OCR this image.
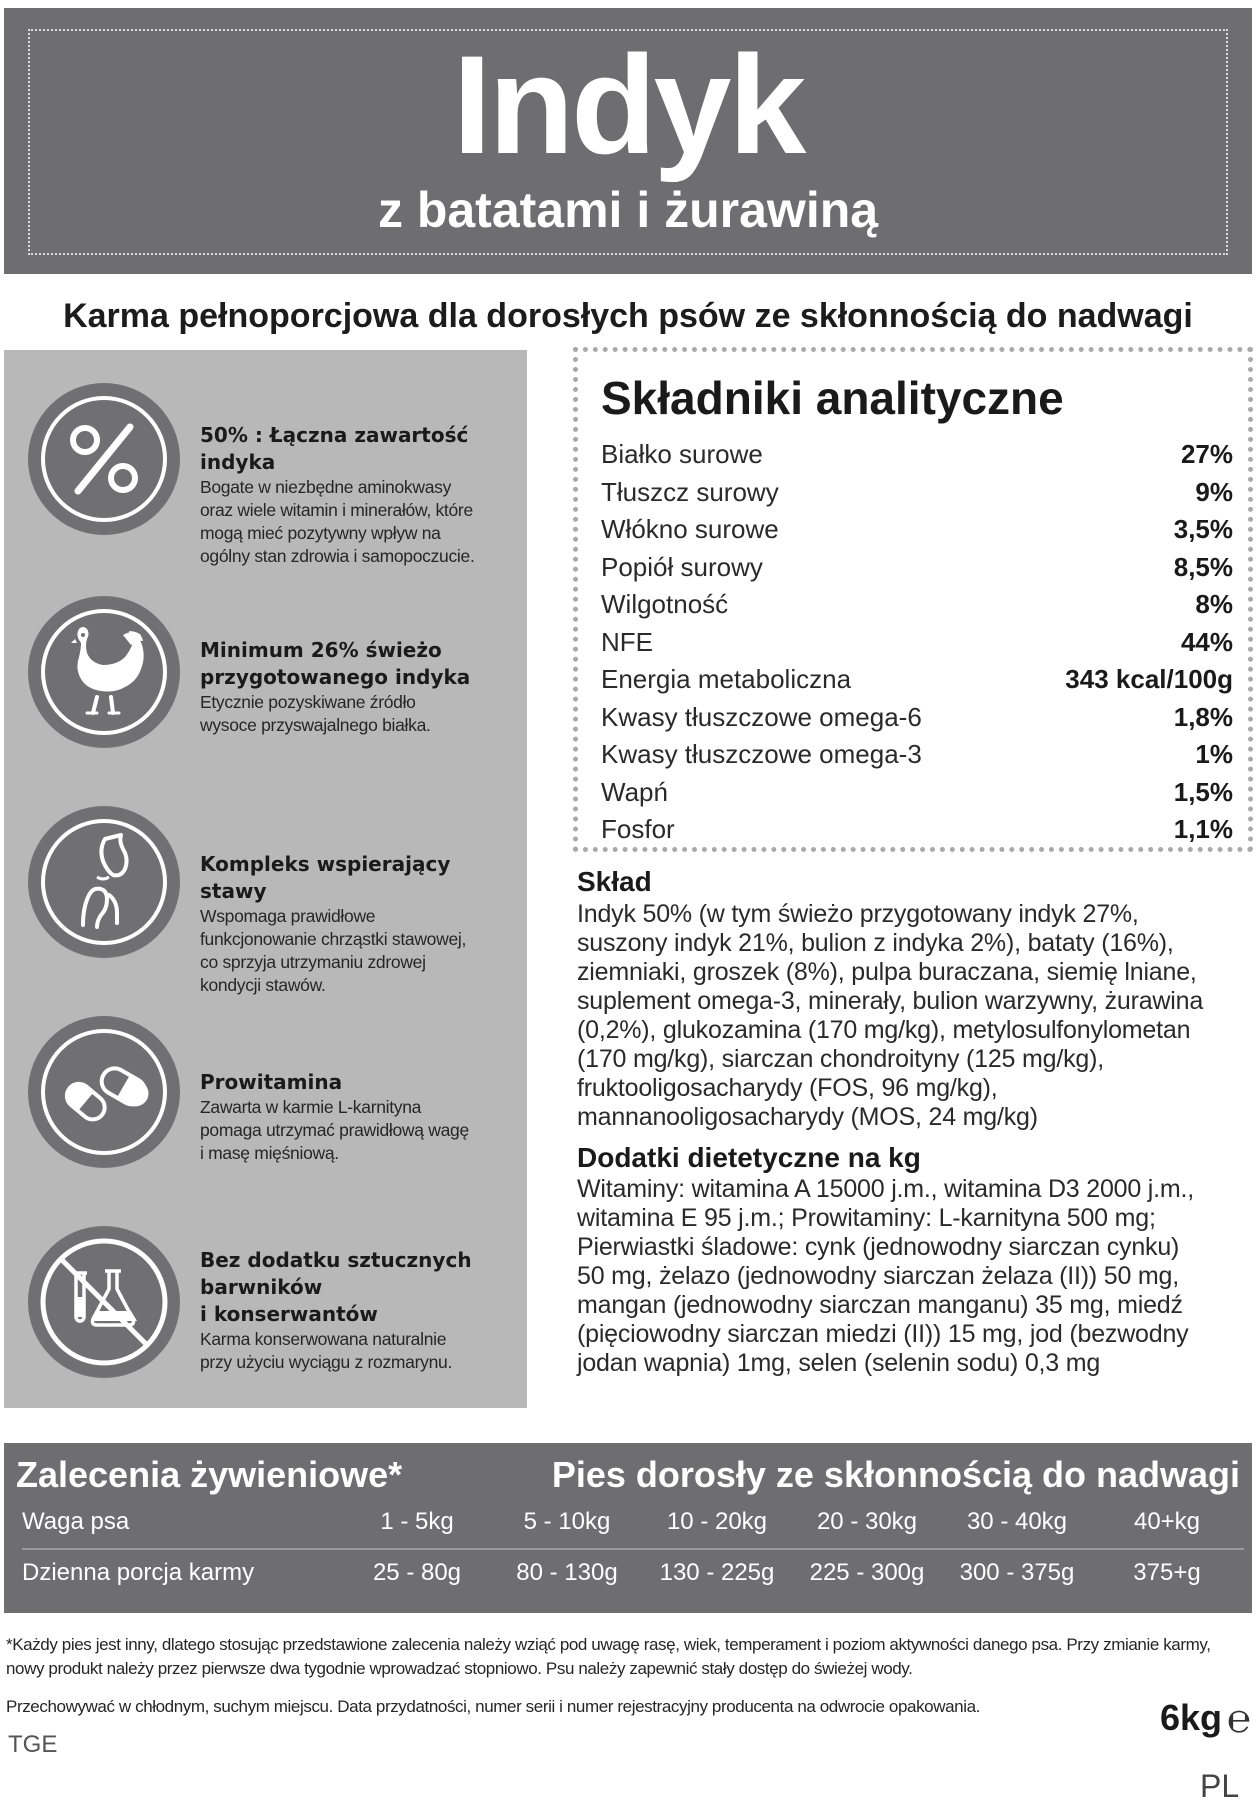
Indyk
z batatami i żurawiną
Karma pełnoporcjowa dla dorosłych psów ze skłonnością do nadwagi
50% : Łączna zawartość
indyka
Bogate w niezbędne aminokwasy
oraz wiele witamin i minerałów, które
mogą mieć pozytywny wpływ na
ogólny stan zdrowia i samopoczucie.
Minimum 26% świeżo
przygotowanego indyka
Etycznie pozyskiwane źródło
wysoce przyswajalnego białka.
Kompleks wspierający
stawy
Wspomaga prawidłowe
funkcjonowanie chrząstki stawowej,
co sprzyja utrzymaniu zdrowej
kondycji stawów.
Prowitamina
Zawarta w karmie L-karnityna
pomaga utrzymać prawidłową wagę
i masę mięśniową.
Bez dodatku sztucznych
barwników
i konserwantów
Karma konserwowana naturalnie
przy użyciu wyciągu z rozmarynu.
Składniki analityczne
Białko surowe	27%
Tłuszcz surowy	9%
Włókno surowe	3,5%
Popiół surowy	8,5%
Wilgotność	8%
NFE	44%
Energia metaboliczna	343 kcal/100g
Kwasy tłuszczowe omega-6	1,8%
Kwasy tłuszczowe omega-3	1%
Wapń	1,5%
Fosfor	1,1%
Skład
Indyk 50% (w tym świeżo przygotowany indyk 27%,
suszony indyk 21%, bulion z indyka 2%), bataty (16%),
ziemniaki, groszek (8%), pulpa buraczana, siemię lniane,
suplement omega-3, minerały, bulion warzywny, żurawina
(0,2%), glukozamina (170 mg/kg), metylosulfonylometan
(170 mg/kg), siarczan chondroityny (125 mg/kg),
fruktooligosacharydy (FOS, 96 mg/kg),
mannanooligosacharydy (MOS, 24 mg/kg)
Dodatki dietetyczne na kg
Witaminy: witamina A 15000 j.m., witamina D3 2000 j.m.,
witamina E 95 j.m.; Prowitaminy: L-karnityna 500 mg;
Pierwiastki śladowe: cynk (jednowodny siarczan cynku)
50 mg, żelazo (jednowodny siarczan żelaza (II)) 50 mg,
mangan (jednowodny siarczan manganu) 35 mg, miedź
(pięciowodny siarczan miedzi (II)) 15 mg, jod (bezwodny
jodan wapnia) 1mg, selen (selenin sodu) 0,3 mg
Zalecenia żywieniowe*	Pies dorosły ze skłonnością do nadwagi
Waga psa	1 - 5kg	5 - 10kg	10 - 20kg	20 - 30kg	30 - 40kg	40+kg
Dzienna porcja karmy	25 - 80g	80 - 130g	130 - 225g	225 - 300g	300 - 375g	375+g
*Każdy pies jest inny, dlatego stosując przedstawione zalecenia należy wziąć pod uwagę rasę, wiek, temperament i poziom aktywności danego psa. Przy zmianie karmy, nowy produkt należy przez pierwsze dwa tygodnie wprowadzać stopniowo. Psu należy zapewnić stały dostęp do świeżej wody.
Przechowywać w chłodnym, suchym miejscu. Data przydatności, numer serii i numer rejestracyjny producenta na odwrocie opakowania.
TGE
6kg ℮
PL
